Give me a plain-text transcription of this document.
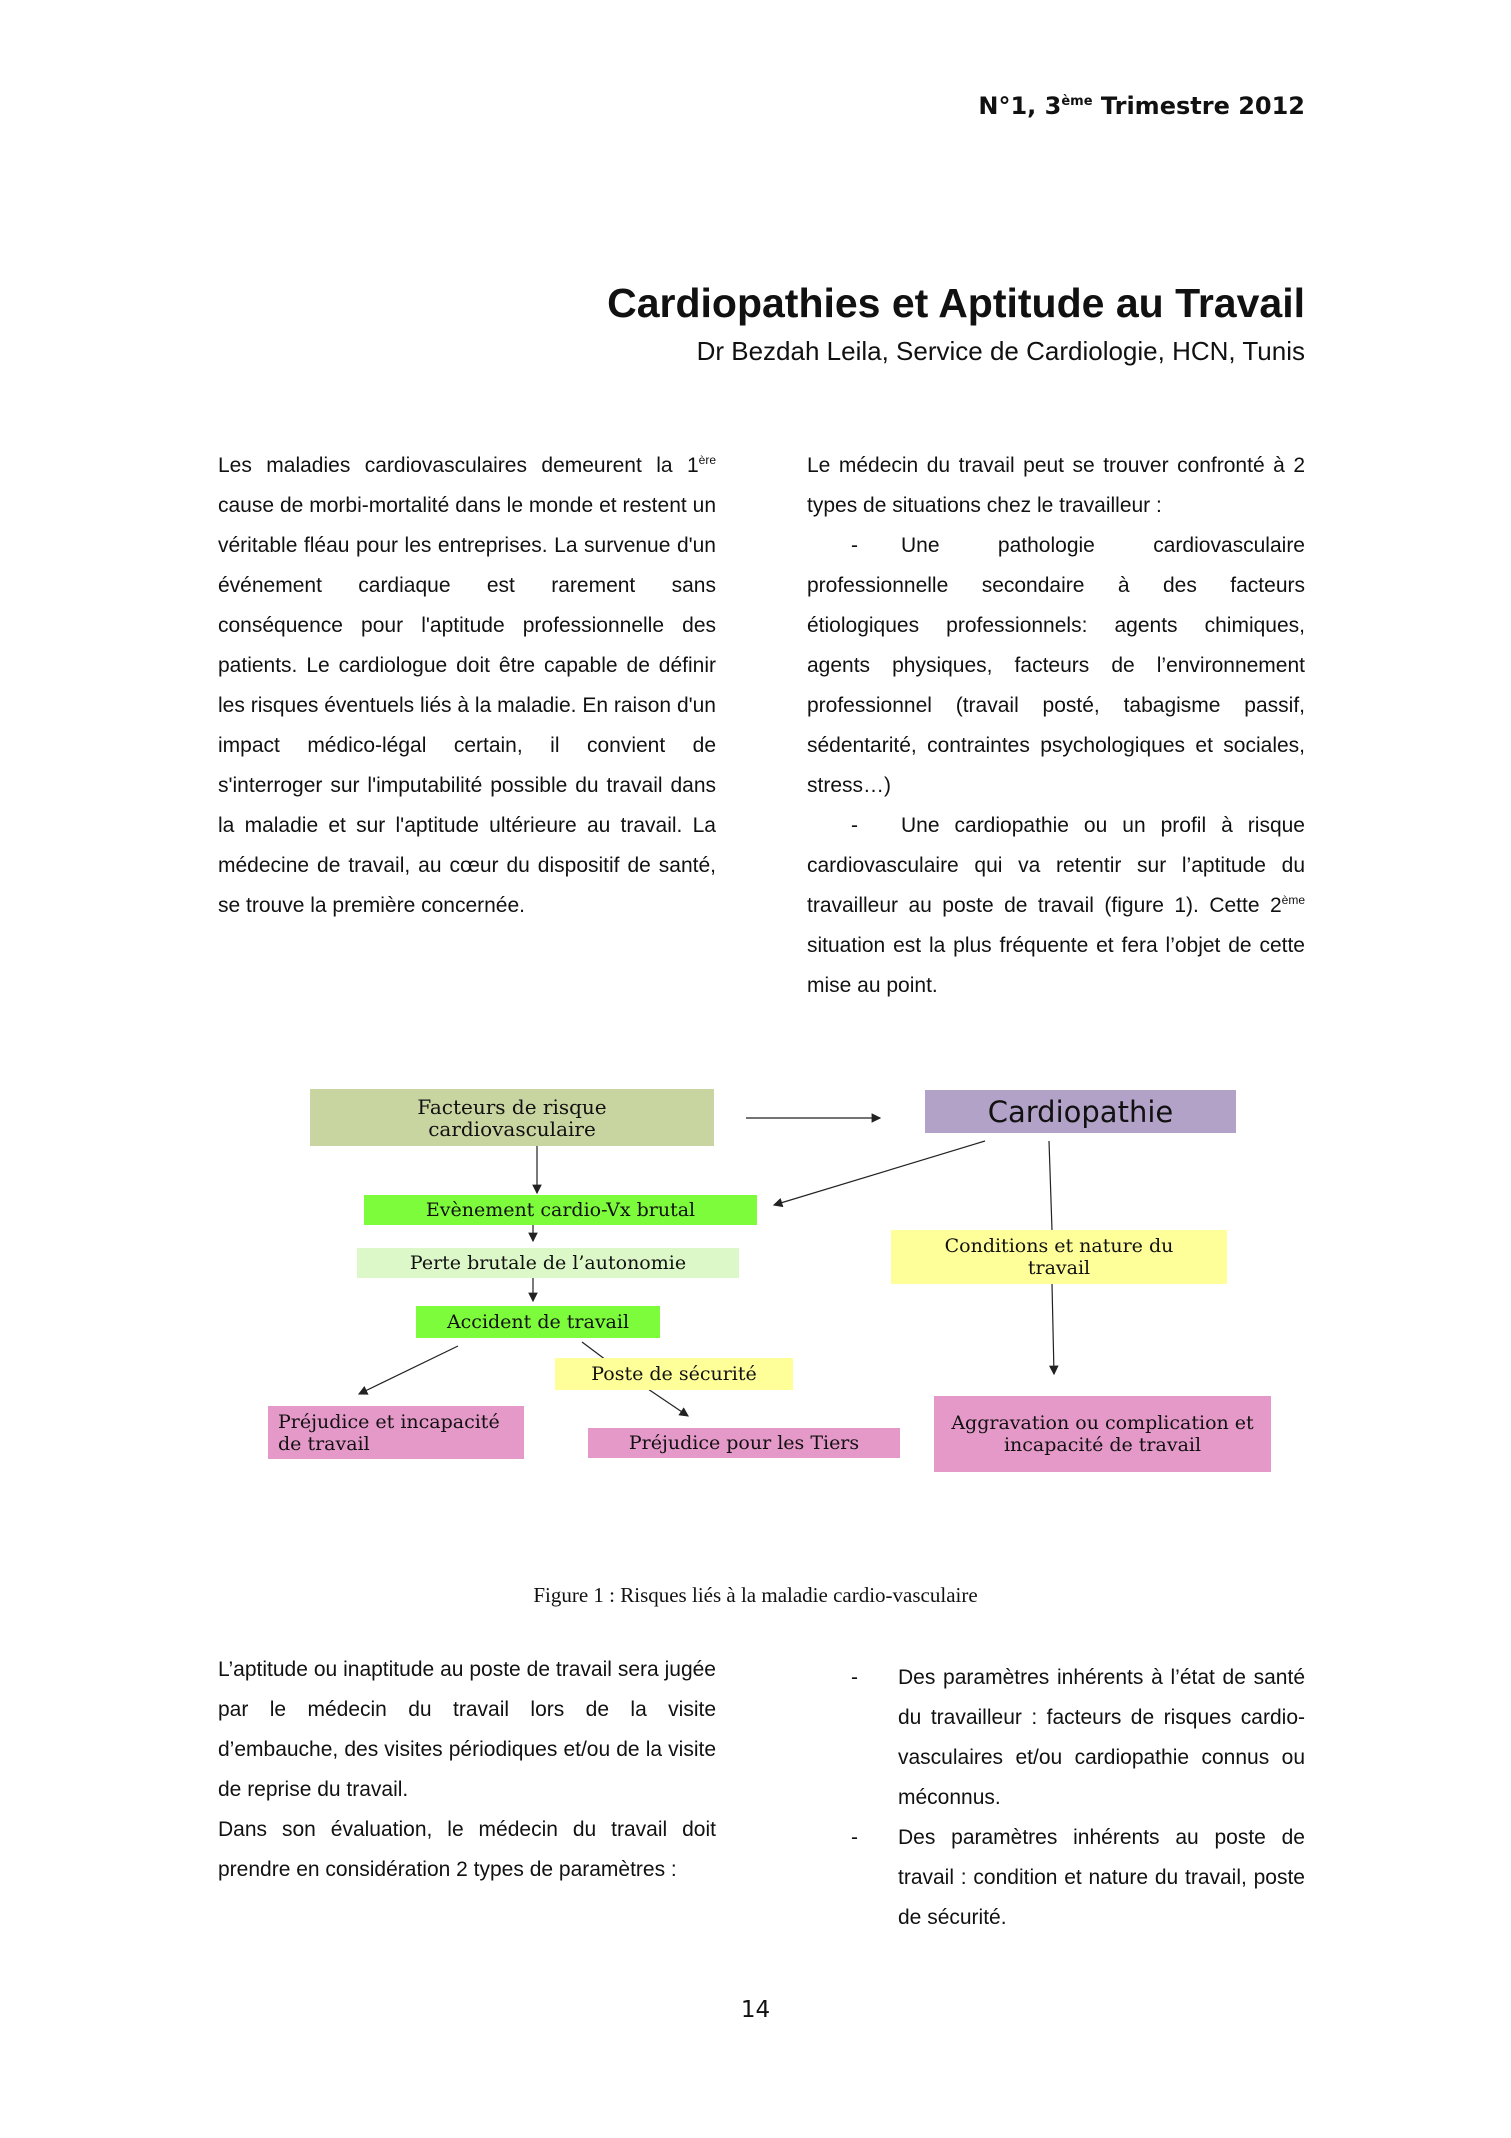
N°1, 3ème Trimestre 2012
Cardiopathies et Aptitude au Travail
Dr Bezdah Leila, Service de Cardiologie, HCN, Tunis

Les maladies cardiovasculaires demeurent la 1ère cause de morbi-mortalité dans le monde et restent un véritable fléau pour les entreprises. La survenue d'un événement cardiaque est rarement sans conséquence pour l'aptitude professionnelle des patients. Le cardiologue doit être capable de définir les risques éventuels liés à la maladie. En raison d'un impact médico-légal certain, il convient de s'interroger sur l'imputabilité possible du travail dans la maladie et sur l'aptitude ultérieure au travail. La médecine de travail, au cœur du dispositif de santé, se trouve la première concernée.

Le médecin du travail peut se trouver confronté à 2 types de situations chez le travailleur :

- Une pathologie cardiovasculaire professionnelle secondaire à des facteurs étiologiques professionnels: agents chimiques, agents physiques, facteurs de l’environnement professionnel (travail posté, tabagisme passif, sédentarité, contraintes psychologiques et sociales, stress…)

- Une cardiopathie ou un profil à risque cardiovasculaire qui va retentir sur l’aptitude du travailleur au poste de travail (figure 1). Cette 2ème situation est la plus fréquente et fera l’objet de cette mise au point.

Facteurs de risque cardiovasculaire	Cardiopathie
Evènement cardio-Vx brutal
Perte brutale de l’autonomie
Accident de travail
Poste de sécurité
Préjudice et incapacité de travail	Préjudice pour les Tiers
Conditions et nature du travail
Aggravation ou complication et incapacité de travail
Figure 1 : Risques liés à la maladie cardio-vasculaire

L’aptitude ou inaptitude au poste de travail sera jugée par le médecin du travail lors de la visite d’embauche, des visites périodiques et/ou de la visite de reprise du travail.

Dans son évaluation, le médecin du travail doit prendre en considération 2 types de paramètres :

-	Des paramètres inhérents à l’état de santé du travailleur : facteurs de risques cardio-vasculaires et/ou cardiopathie connus ou méconnus.
-	Des paramètres inhérents au poste de travail : condition et nature du travail, poste de sécurité.
14
